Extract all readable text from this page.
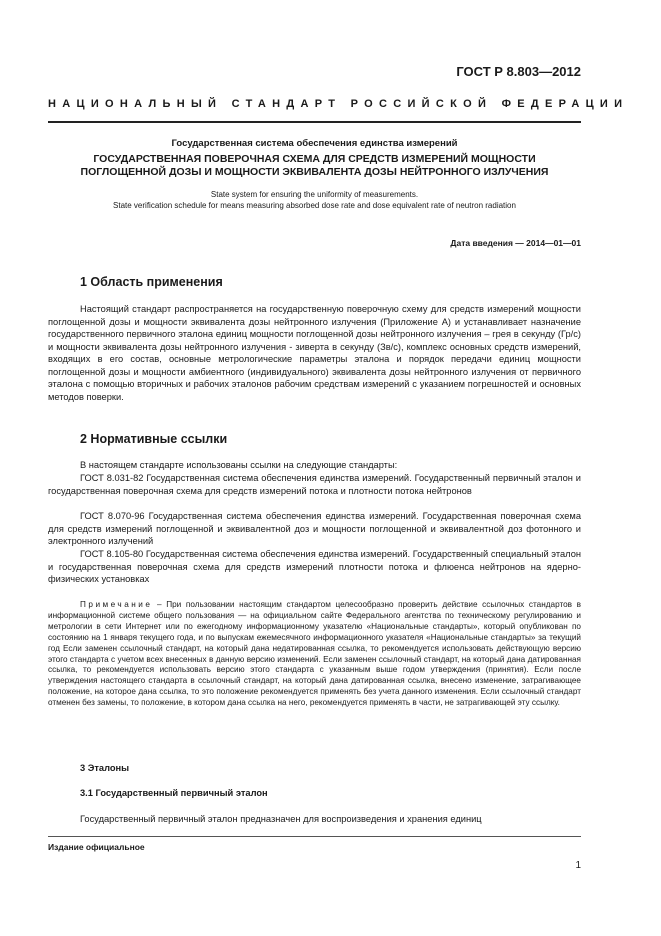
ГОСТ Р 8.803—2012
НАЦИОНАЛЬНЫЙ СТАНДАРТ РОССИЙСКОЙ ФЕДЕРАЦИИ
Государственная система обеспечения единства измерений
ГОСУДАРСТВЕННАЯ ПОВЕРОЧНАЯ СХЕМА ДЛЯ СРЕДСТВ ИЗМЕРЕНИЙ МОЩНОСТИ
ПОГЛОЩЕННОЙ ДОЗЫ И МОЩНОСТИ ЭКВИВАЛЕНТА ДОЗЫ НЕЙТРОННОГО ИЗЛУЧЕНИЯ
State system for ensuring the uniformity of measurements.
State verification schedule for means measuring absorbed dose rate and dose equivalent rate of neutron radiation
Дата введения — 2014—01—01
1 Область применения
Настоящий стандарт распространяется на государственную поверочную схему для средств измерений мощности поглощенной дозы и мощности эквивалента дозы нейтронного излучения (Приложение А) и устанавливает назначение государственного первичного эталона единиц мощности поглощенной дозы нейтронного излучения – грея в секунду (Гр/с) и мощности эквивалента дозы нейтронного излучения - зиверта в секунду (Зв/с), комплекс основных средств измерений, входящих в его состав, основные метрологические параметры эталона и порядок передачи единиц мощности поглощенной дозы и мощности амбиентного (индивидуального) эквивалента дозы нейтронного излучения от первичного эталона с помощью вторичных и рабочих эталонов рабочим средствам измерений с указанием погрешностей и основных методов поверки.
2 Нормативные ссылки
В настоящем стандарте использованы ссылки на следующие стандарты:
ГОСТ 8.031-82 Государственная система обеспечения единства измерений. Государственный первичный эталон и государственная поверочная схема для средств измерений потока и плотности потока нейтронов
ГОСТ 8.070-96 Государственная система обеспечения единства измерений. Государственная поверочная схема для средств измерений поглощенной и эквивалентной доз и мощности поглощенной и эквивалентной доз фотонного и электронного излучений
ГОСТ 8.105-80 Государственная система обеспечения единства измерений. Государственный специальный эталон и государственная поверочная схема для средств измерений плотности потока и флюенса нейтронов на ядерно-физических установках
Примечание – При пользовании настоящим стандартом целесообразно проверить действие ссылочных стандартов в информационной системе общего пользования — на официальном сайте Федерального агентства по техническому регулированию и метрологии в сети Интернет или по ежегодному информационному указателю «Национальные стандарты», который опубликован по состоянию на 1 января текущего года, и по выпускам ежемесячного информационного указателя «Национальные стандарты» за текущий год Если заменен ссылочный стандарт, на который дана недатированная ссылка, то рекомендуется использовать действующую версию этого стандарта с учетом всех внесенных в данную версию изменений. Если заменен ссылочный стандарт, на который дана датированная ссылка, то рекомендуется использовать версию этого стандарта с указанным выше годом утверждения (принятия). Если после утверждения настоящего стандарта в ссылочный стандарт, на который дана датированная ссылка, внесено изменение, затрагивающее положение, на которое дана ссылка, то это положение рекомендуется применять без учета данного изменения. Если ссылочный стандарт отменен без замены, то положение, в котором дана ссылка на него, рекомендуется применять в части, не затрагивающей эту ссылку.
3 Эталоны
3.1 Государственный первичный эталон
Государственный первичный эталон предназначен для воспроизведения и хранения единиц
Издание официальное
1
